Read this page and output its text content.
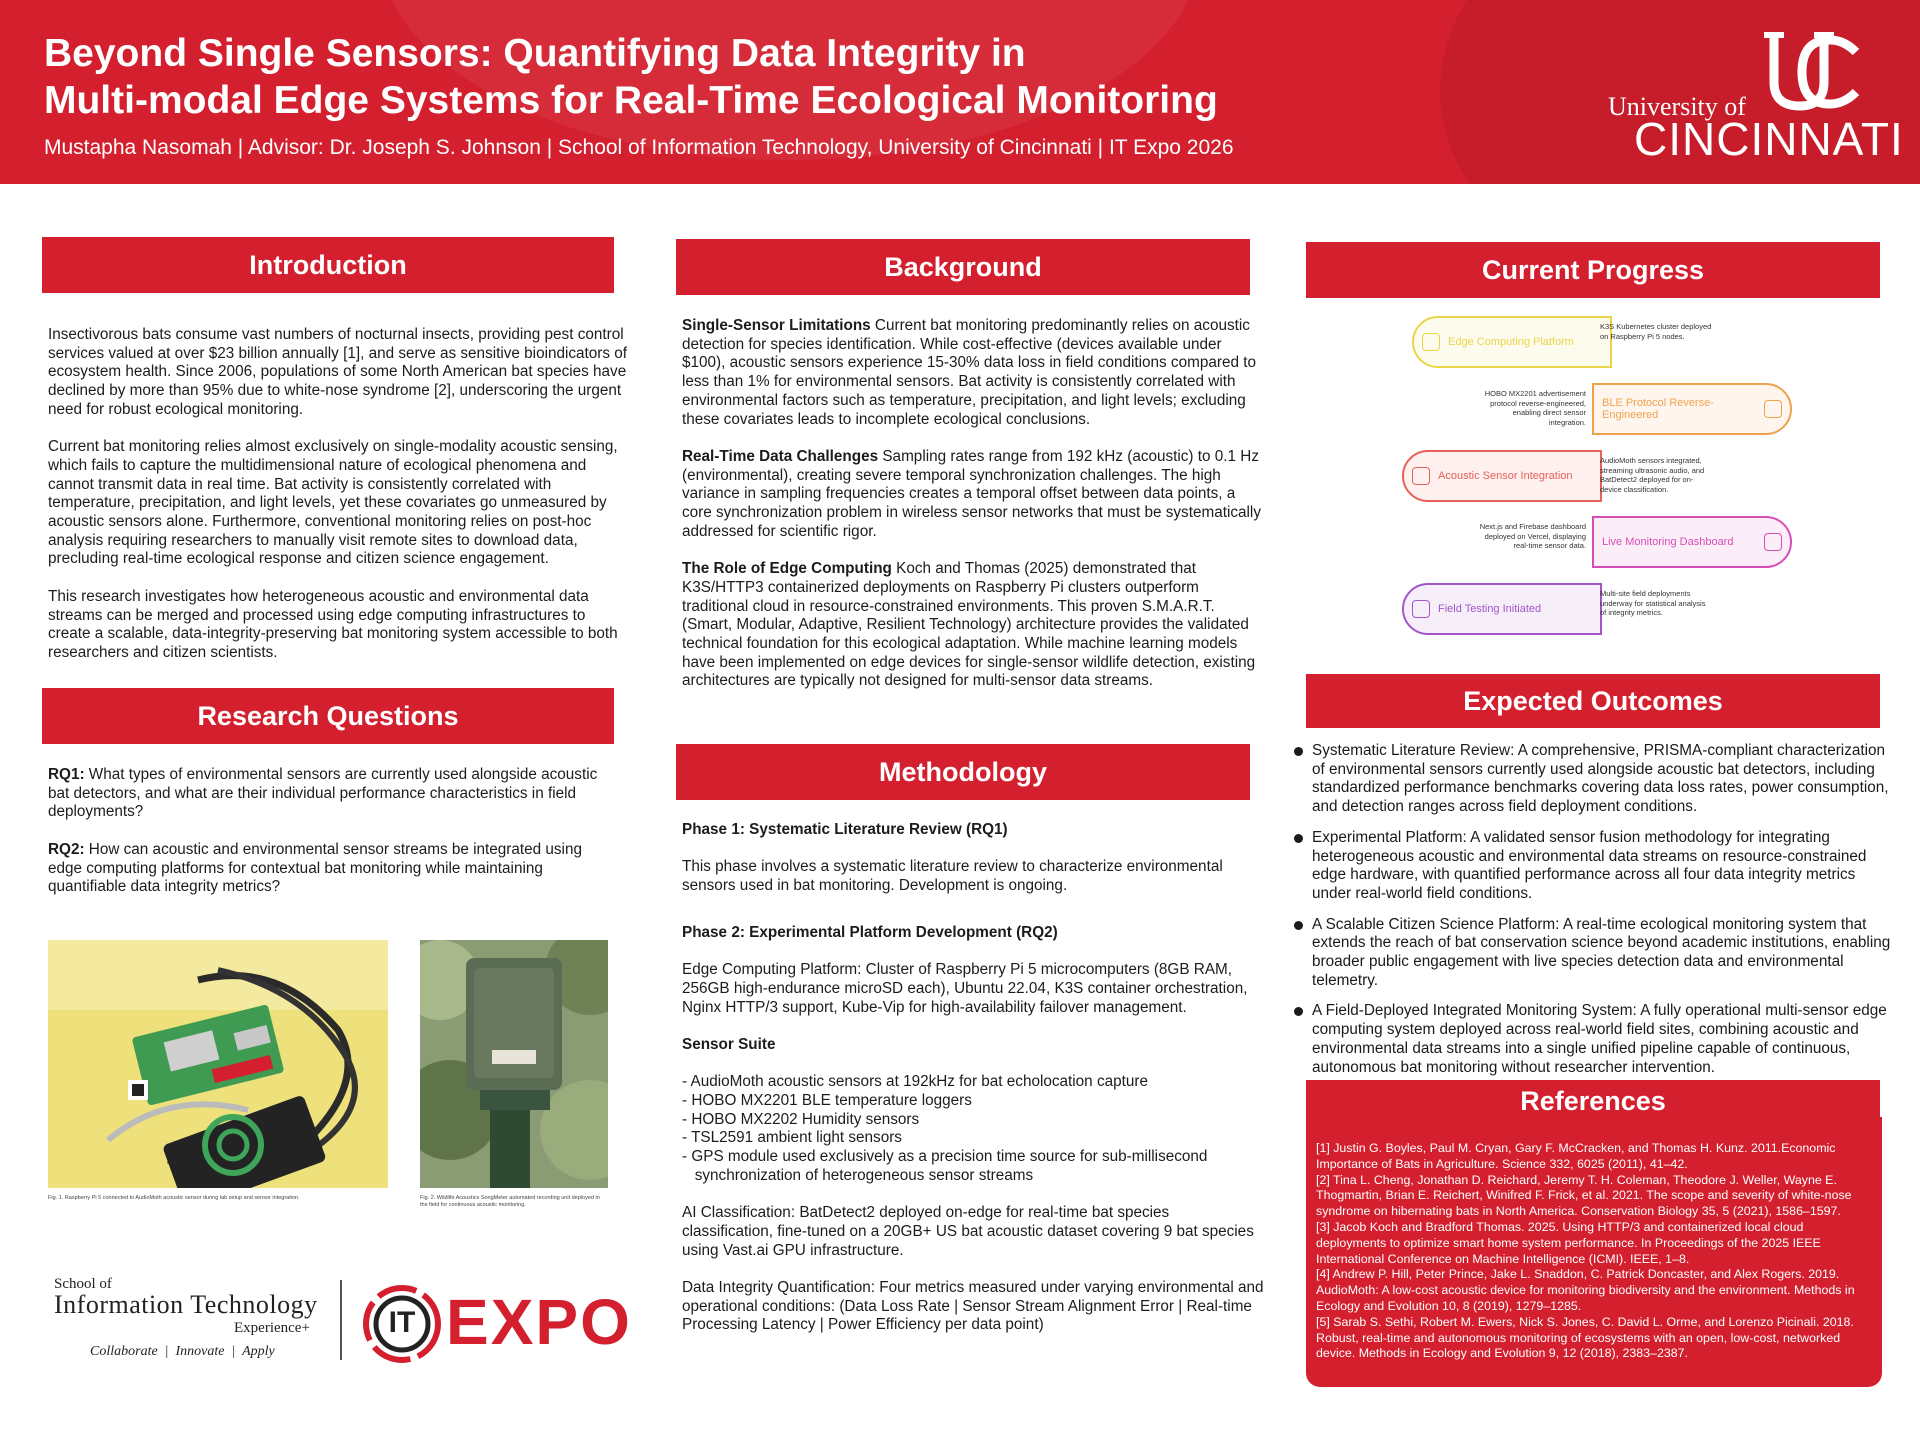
Beyond Single Sensors: Quantifying Data Integrity in
Multi-modal Edge Systems for Real-Time Ecological Monitoring
Mustapha Nasomah | Advisor: Dr. Joseph S. Johnson | School of Information Technology, University of Cincinnati | IT Expo 2026
University of
CINCINNATI
Introduction

Insectivorous bats consume vast numbers of nocturnal insects, providing pest control services valued at over $23 billion annually [1], and serve as sensitive bioindicators of ecosystem health. Since 2006, populations of some North American bat species have declined by more than 95% due to white-nose syndrome [2], underscoring the urgent need for robust ecological monitoring.

Current bat monitoring relies almost exclusively on single-modality acoustic sensing, which fails to capture the multidimensional nature of ecological phenomena and cannot transmit data in real time. Bat activity is consistently correlated with temperature, precipitation, and light levels, yet these covariates go unmeasured by acoustic sensors alone. Furthermore, conventional monitoring relies on post-hoc analysis requiring researchers to manually visit remote sites to download data, precluding real-time ecological response and citizen science engagement.

This research investigates how heterogeneous acoustic and environmental data streams can be merged and processed using edge computing infrastructures to create a scalable, data-integrity-preserving bat monitoring system accessible to both researchers and citizen scientists.

Research Questions

RQ1: What types of environmental sensors are currently used alongside acoustic bat detectors, and what are their individual performance characteristics in field deployments?

RQ2: How can acoustic and environmental sensor streams be integrated using edge computing platforms for contextual bat monitoring while maintaining quantifiable data integrity metrics?

Fig. 1. Raspberry Pi 5 connected to AudioMoth acoustic sensor during lab setup and sensor integration.	Fig. 2. Wildlife Acoustics SongMeter automated recording unit deployed in the field for continuous acoustic monitoring.
School of
Information Technology
Experience+
Collaborate  |  Innovate  |  Apply
IT EXPO
Background

Single-Sensor Limitations Current bat monitoring predominantly relies on acoustic detection for species identification. While cost-effective (devices available under $100), acoustic sensors experience 15-30% data loss in field conditions compared to less than 1% for environmental sensors. Bat activity is consistently correlated with environmental factors such as temperature, precipitation, and light levels; excluding these covariates leads to incomplete ecological conclusions.

Real-Time Data Challenges Sampling rates range from 192 kHz (acoustic) to 0.1 Hz (environmental), creating severe temporal synchronization challenges. The high variance in sampling frequencies creates a temporal offset between data points, a core synchronization problem in wireless sensor networks that must be systematically addressed for scientific rigor.

The Role of Edge Computing Koch and Thomas (2025) demonstrated that K3S/HTTP3 containerized deployments on Raspberry Pi clusters outperform traditional cloud in resource-constrained environments. This proven S.M.A.R.T. (Smart, Modular, Adaptive, Resilient Technology) architecture provides the validated technical foundation for this ecological adaptation. While machine learning models have been implemented on edge devices for single-sensor wildlife detection, existing architectures are typically not designed for multi-sensor data streams.

Methodology

Phase 1: Systematic Literature Review (RQ1)

This phase involves a systematic literature review to characterize environmental sensors used in bat monitoring. Development is ongoing.

Phase 2: Experimental Platform Development (RQ2)

Edge Computing Platform: Cluster of Raspberry Pi 5 microcomputers (8GB RAM, 256GB high-endurance microSD each), Ubuntu 22.04, K3S container orchestration, Nginx HTTP/3 support, Kube-Vip for high-availability failover management.

Sensor Suite

- AudioMoth acoustic sensors at 192kHz for bat echolocation capture
- HOBO MX2201 BLE temperature loggers
- HOBO MX2202 Humidity sensors
- TSL2591 ambient light sensors
- GPS module used exclusively as a precision time source for sub-millisecond
synchronization of heterogeneous sensor streams

AI Classification: BatDetect2 deployed on-edge for real-time bat species classification, fine-tuned on a 20GB+ US bat acoustic dataset covering 9 bat species using Vast.ai GPU infrastructure.

Data Integrity Quantification: Four metrics measured under varying environmental and operational conditions: (Data Loss Rate | Sensor Stream Alignment Error | Real-time Processing Latency | Power Efficiency per data point)

Current Progress
Edge Computing Platform
K3S Kubernetes cluster deployed on Raspberry Pi 5 nodes.
BLE Protocol Reverse-Engineered
HOBO MX2201 advertisement protocol reverse-engineered, enabling direct sensor integration.
Acoustic Sensor Integration
AudioMoth sensors integrated, streaming ultrasonic audio, and BatDetect2 deployed for on-device classification.
Live Monitoring Dashboard
Next.js and Firebase dashboard deployed on Vercel, displaying real-time sensor data.
Field Testing Initiated
Multi-site field deployments underway for statistical analysis of integrity metrics.
Expected Outcomes
Systematic Literature Review: A comprehensive, PRISMA-compliant characterization of environmental sensors currently used alongside acoustic bat detectors, including standardized performance benchmarks covering data loss rates, power consumption, and detection ranges across field deployment conditions.
Experimental Platform: A validated sensor fusion methodology for integrating heterogeneous acoustic and environmental data streams on resource-constrained edge hardware, with quantified performance across all four data integrity metrics under real-world field conditions.
A Scalable Citizen Science Platform: A real-time ecological monitoring system that extends the reach of bat conservation science beyond academic institutions, enabling broader public engagement with live species detection data and environmental telemetry.
A Field-Deployed Integrated Monitoring System: A fully operational multi-sensor edge computing system deployed across real-world field sites, combining acoustic and environmental data streams into a single unified pipeline capable of continuous, autonomous bat monitoring without researcher intervention.
References
[1] Justin G. Boyles, Paul M. Cryan, Gary F. McCracken, and Thomas H. Kunz. 2011.Economic Importance of Bats in Agriculture. Science 332, 6025 (2011), 41–42.
[2] Tina L. Cheng, Jonathan D. Reichard, Jeremy T. H. Coleman, Theodore J. Weller, Wayne E. Thogmartin, Brian E. Reichert, Winifred F. Frick, et al. 2021. The scope and severity of white-nose syndrome on hibernating bats in North America. Conservation Biology 35, 5 (2021), 1586–1597.
[3] Jacob Koch and Bradford Thomas. 2025. Using HTTP/3 and containerized local cloud deployments to optimize smart home system performance. In Proceedings of the 2025 IEEE International Conference on Machine Intelligence (ICMI). IEEE, 1–8.
[4] Andrew P. Hill, Peter Prince, Jake L. Snaddon, C. Patrick Doncaster, and Alex Rogers. 2019. AudioMoth: A low-cost acoustic device for monitoring biodiversity and the environment. Methods in Ecology and Evolution 10, 8 (2019), 1279–1285.
[5] Sarab S. Sethi, Robert M. Ewers, Nick S. Jones, C. David L. Orme, and Lorenzo Picinali. 2018. Robust, real-time and autonomous monitoring of ecosystems with an open, low-cost, networked device. Methods in Ecology and Evolution 9, 12 (2018), 2383–2387.
